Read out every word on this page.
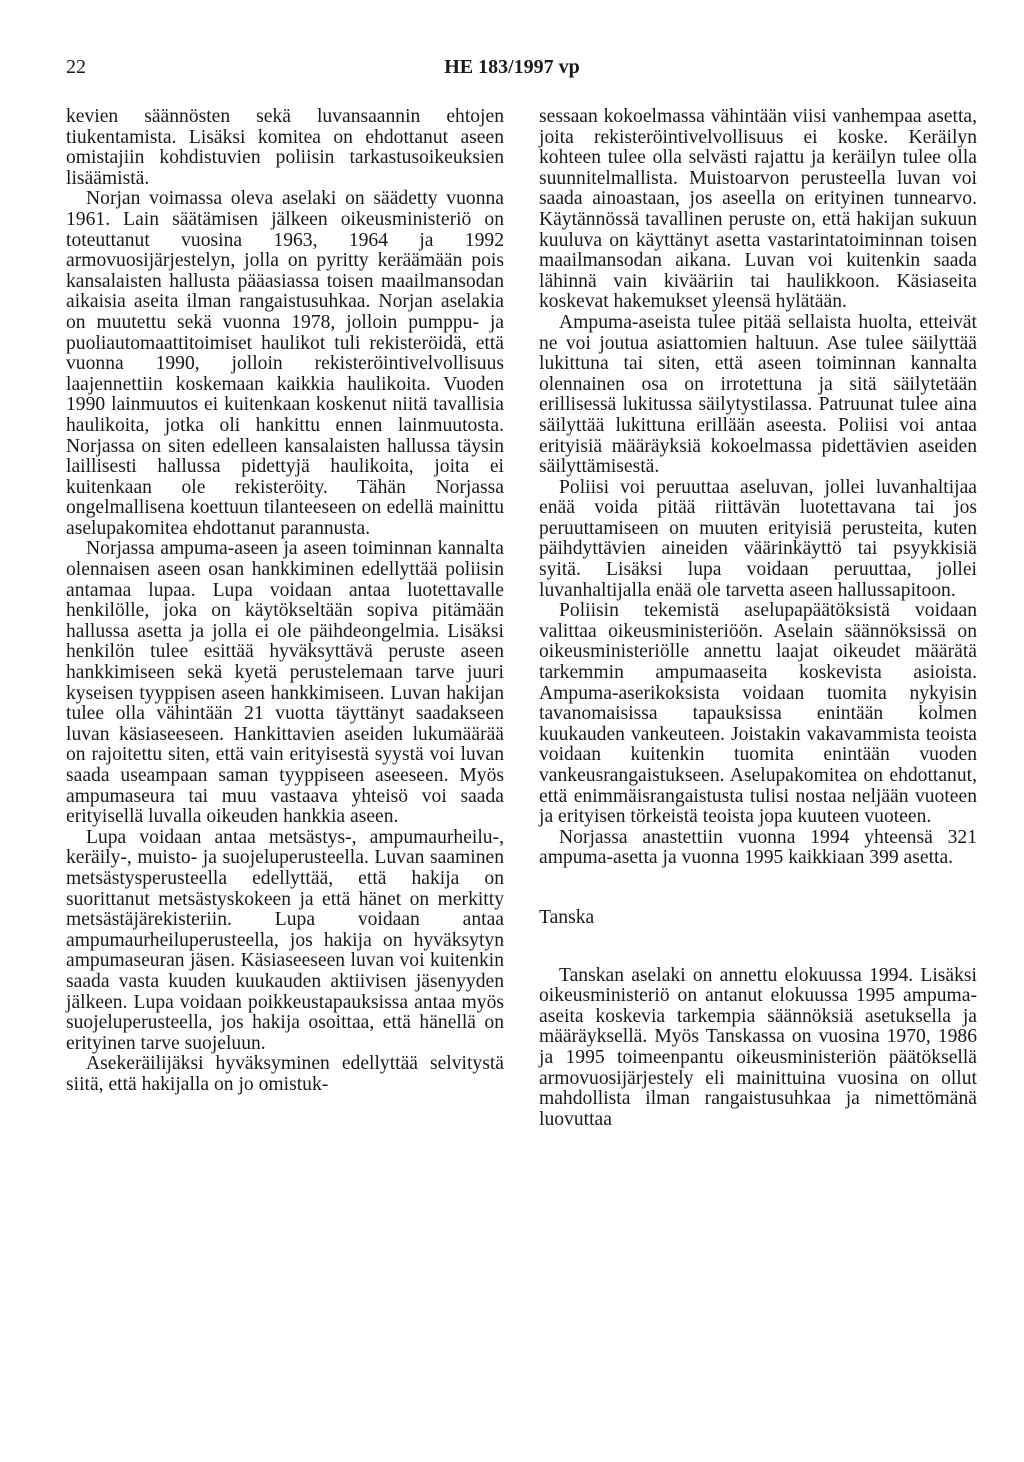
22	HE 183/1997 vp

kevien säännösten sekä luvansaannin ehtojen tiukentamista. Lisäksi komitea on ehdottanut aseen omistajiin kohdistuvien poliisin tarkastusoikeuksien lisäämistä.

Norjan voimassa oleva aselaki on säädetty vuonna 1961. Lain säätämisen jälkeen oikeusministeriö on toteuttanut vuosina 1963, 1964 ja 1992 armovuosijärjestelyn, jolla on pyritty keräämään pois kansalaisten hallusta pääasiassa toisen maailmansodan aikaisia aseita ilman rangaistusuhkaa. Norjan aselakia on muutettu sekä vuonna 1978, jolloin pumppu- ja puoliautomaattitoimiset haulikot tuli rekisteröidä, että vuonna 1990, jolloin rekisteröintivelvollisuus laajennettiin koskemaan kaikkia haulikoita. Vuoden 1990 lainmuutos ei kuitenkaan koskenut niitä tavallisia haulikoita, jotka oli hankittu ennen lainmuutosta. Norjassa on siten edelleen kansalaisten hallussa täysin laillisesti hallussa pidettyjä haulikoita, joita ei kuitenkaan ole rekisteröity. Tähän Norjassa ongelmallisena koettuun tilanteeseen on edellä mainittu aselupakomitea ehdottanut parannusta.

Norjassa ampuma-aseen ja aseen toiminnan kannalta olennaisen aseen osan hankkiminen edellyttää poliisin antamaa lupaa. Lupa voidaan antaa luotettavalle henkilölle, joka on käytökseltään sopiva pitämään hallussa asetta ja jolla ei ole päihdeongelmia. Lisäksi henkilön tulee esittää hyväksyttävä peruste aseen hankkimiseen sekä kyetä perustelemaan tarve juuri kyseisen tyyppisen aseen hankkimiseen. Luvan hakijan tulee olla vähintään 21 vuotta täyttänyt saadakseen luvan käsiaseeseen. Hankittavien aseiden lukumäärää on rajoitettu siten, että vain erityisestä syystä voi luvan saada useampaan saman tyyppiseen aseeseen. Myös ampumaseura tai muu vastaava yhteisö voi saada erityisellä luvalla oikeuden hankkia aseen.

Lupa voidaan antaa metsästys-, ampumaurheilu-, keräily-, muisto- ja suojeluperusteella. Luvan saaminen metsästysperusteella edellyttää, että hakija on suorittanut metsästyskokeen ja että hänet on merkitty metsästäjärekisteriin. Lupa voidaan antaa ampumaurheiluperusteella, jos hakija on hyväksytyn ampumaseuran jäsen. Käsiaseeseen luvan voi kuitenkin saada vasta kuuden kuukauden aktiivisen jäsenyyden jälkeen. Lupa voidaan poikkeustapauksissa antaa myös suojeluperusteella, jos hakija osoittaa, että hänellä on erityinen tarve suojeluun.

Asekeräilijäksi hyväksyminen edellyttää selvitystä siitä, että hakijalla on jo omistuk-

sessaan kokoelmassa vähintään viisi vanhempaa asetta, joita rekisteröintivelvollisuus ei koske. Keräilyn kohteen tulee olla selvästi rajattu ja keräilyn tulee olla suunnitelmallista. Muistoarvon perusteella luvan voi saada ainoastaan, jos aseella on erityinen tunnearvo. Käytännössä tavallinen peruste on, että hakijan sukuun kuuluva on käyttänyt asetta vastarintatoiminnan toisen maailmansodan aikana. Luvan voi kuitenkin saada lähinnä vain kivääriin tai haulikkoon. Käsiaseita koskevat hakemukset yleensä hylätään.

Ampuma-aseista tulee pitää sellaista huolta, etteivät ne voi joutua asiattomien haltuun. Ase tulee säilyttää lukittuna tai siten, että aseen toiminnan kannalta olennainen osa on irrotettuna ja sitä säilytetään erillisessä lukitussa säilytystilassa. Patruunat tulee aina säilyttää lukittuna erillään aseesta. Poliisi voi antaa erityisiä määräyksiä kokoelmassa pidettävien aseiden säilyttämisestä.

Poliisi voi peruuttaa aseluvan, jollei luvanhaltijaa enää voida pitää riittävän luotettavana tai jos peruuttamiseen on muuten erityisiä perusteita, kuten päihdyttävien aineiden väärinkäyttö tai psyykkisiä syitä. Lisäksi lupa voidaan peruuttaa, jollei luvanhaltijalla enää ole tarvetta aseen hallussapitoon.

Poliisin tekemistä aselupapäätöksistä voidaan valittaa oikeusministeriöön. Aselain säännöksissä on oikeusministeriölle annettu laajat oikeudet määrätä tarkemmin ampumaaseita koskevista asioista. Ampuma-aserikoksista voidaan tuomita nykyisin tavanomaisissa tapauksissa enintään kolmen kuukauden vankeuteen. Joistakin vakavammista teoista voidaan kuitenkin tuomita enintään vuoden vankeusrangaistukseen. Aselupakomitea on ehdottanut, että enimmäisrangaistusta tulisi nostaa neljään vuoteen ja erityisen törkeistä teoista jopa kuuteen vuoteen.

Norjassa anastettiin vuonna 1994 yhteensä 321 ampuma-asetta ja vuonna 1995 kaikkiaan 399 asetta.

Tanska

Tanskan aselaki on annettu elokuussa 1994. Lisäksi oikeusministeriö on antanut elokuussa 1995 ampuma-aseita koskevia tarkempia säännöksiä asetuksella ja määräyksellä. Myös Tanskassa on vuosina 1970, 1986 ja 1995 toimeenpantu oikeusministeriön päätöksellä armovuosijärjestely eli mainittuina vuosina on ollut mahdollista ilman rangaistusuhkaa ja nimettömänä luovuttaa
